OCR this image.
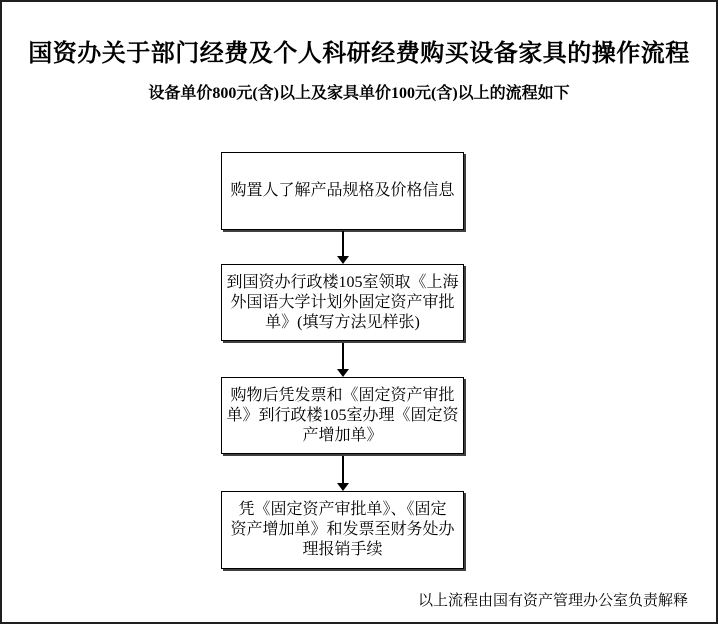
国资办关于部门经费及个人科研经费购买设备家具的操作流程
设备单价800元(含)以上及家具单价100元(含)以上的流程如下
购置人了解产品规格及价格信息
到国资办行政楼105室领取《上海
外国语大学计划外固定资产审批
单》(填写方法见样张)
购物后凭发票和《固定资产审批
单》到行政楼105室办理《固定资
产增加单》
凭《固定资产审批单》、《固定
资产增加单》和发票至财务处办
理报销手续
以上流程由国有资产管理办公室负责解释
